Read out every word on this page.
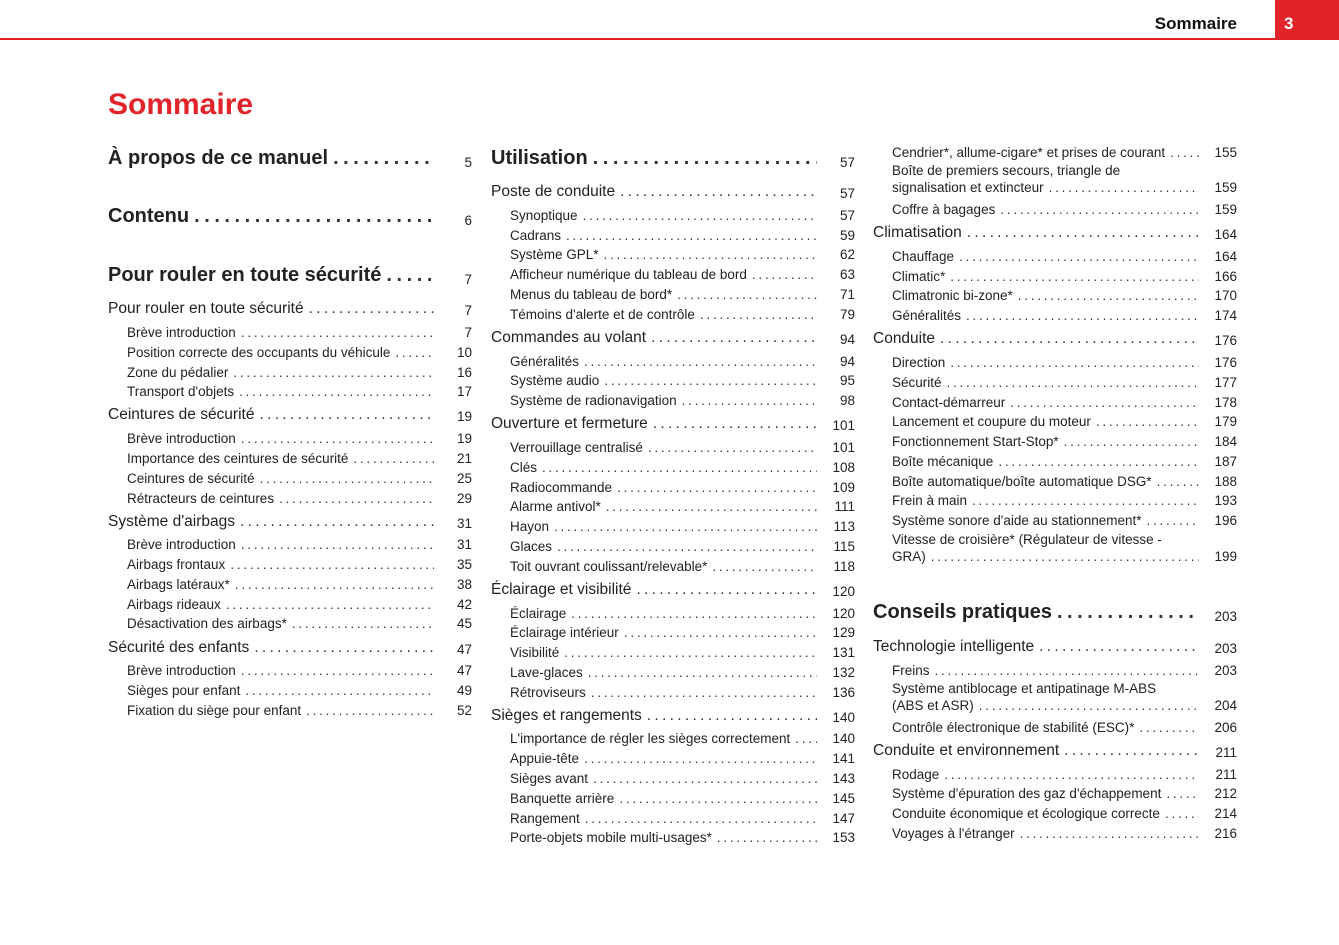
Sommaire	3
Sommaire
À propos de ce manuel . . .	5
Contenu . . .	6
Pour rouler en toute sécurité . . .	7
Pour rouler en toute sécurité . . .	7
Brève introduction . . .	7
Position correcte des occupants du véhicule . . .	10
Zone du pédalier . . .	16
Transport d'objets . . .	17
Ceintures de sécurité . . .	19
Brève introduction . . .	19
Importance des ceintures de sécurité . . .	21
Ceintures de sécurité . . .	25
Rétracteurs de ceintures . . .	29
Système d'airbags . . .	31
Brève introduction . . .	31
Airbags frontaux . . .	35
Airbags latéraux* . . .	38
Airbags rideaux . . .	42
Désactivation des airbags* . . .	45
Sécurité des enfants . . .	47
Brève introduction . . .	47
Sièges pour enfant . . .	49
Fixation du siège pour enfant . . .	52
Utilisation . . .	57
Poste de conduite . . .	57
Synoptique . . .	57
Cadrans . . .	59
Système GPL* . . .	62
Afficheur numérique du tableau de bord . . .	63
Menus du tableau de bord* . . .	71
Témoins d'alerte et de contrôle . . .	79
Commandes au volant . . .	94
Généralités . . .	94
Système audio . . .	95
Système de radionavigation . . .	98
Ouverture et fermeture . . .	101
Verrouillage centralisé . . .	101
Clés . . .	108
Radiocommande . . .	109
Alarme antivol* . . .	111
Hayon . . .	113
Glaces . . .	115
Toit ouvrant coulissant/relevable* . . .	118
Éclairage et visibilité . . .	120
Éclairage . . .	120
Éclairage intérieur . . .	129
Visibilité . . .	131
Lave-glaces . . .	132
Rétroviseurs . . .	136
Sièges et rangements . . .	140
L'importance de régler les sièges correctement . . .	140
Appuie-tête . . .	141
Sièges avant . . .	143
Banquette arrière . . .	145
Rangement . . .	147
Porte-objets mobile multi-usages* . . .	153
Cendrier*, allume-cigare* et prises de courant . . .	155
Boîte de premiers secours, triangle de
signalisation et extincteur . . .	159
Coffre à bagages . . .	159
Climatisation . . .	164
Chauffage . . .	164
Climatic* . . .	166
Climatronic bi-zone* . . .	170
Généralités . . .	174
Conduite . . .	176
Direction . . .	176
Sécurité . . .	177
Contact-démarreur . . .	178
Lancement et coupure du moteur . . .	179
Fonctionnement Start-Stop* . . .	184
Boîte mécanique . . .	187
Boîte automatique/boîte automatique DSG* . . .	188
Frein à main . . .	193
Système sonore d'aide au stationnement* . . .	196
Vitesse de croisière* (Régulateur de vitesse -
GRA) . . .	199
Conseils pratiques . . .	203
Technologie intelligente . . .	203
Freins . . .	203
Système antiblocage et antipatinage M-ABS
(ABS et ASR) . . .	204
Contrôle électronique de stabilité (ESC)* . . .	206
Conduite et environnement . . .	211
Rodage . . .	211
Système d'épuration des gaz d'échappement . . .	212
Conduite économique et écologique correcte . . .	214
Voyages à l'étranger . . .	216
